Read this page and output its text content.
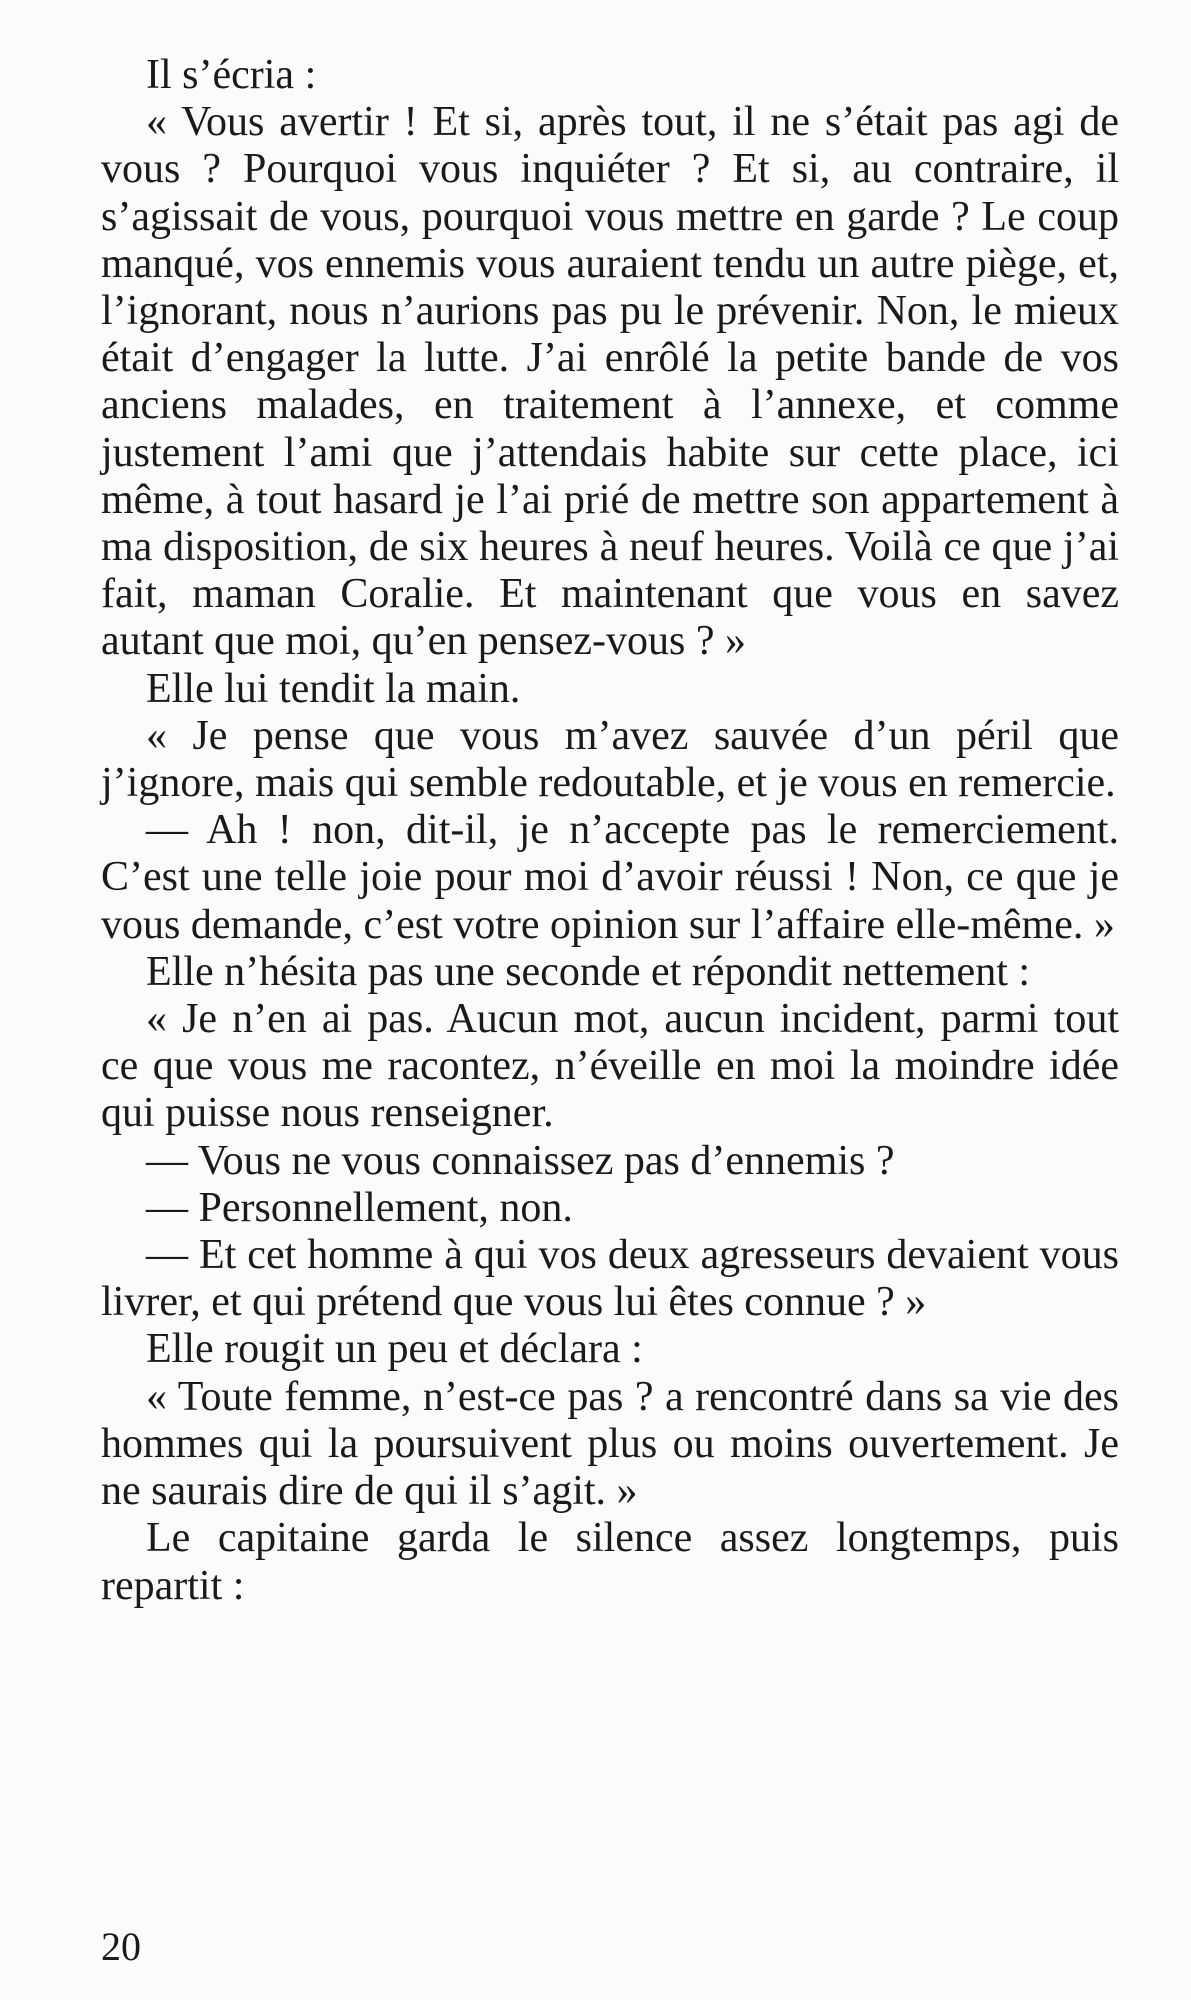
Il s’écria :

« Vous avertir ! Et si, après tout, il ne s’était pas agi de vous ? Pourquoi vous inquiéter ? Et si, au contraire, il s’agissait de vous, pourquoi vous mettre en garde ? Le coup manqué, vos ennemis vous auraient tendu un autre piège, et, l’ignorant, nous n’aurions pas pu le prévenir. Non, le mieux était d’engager la lutte. J’ai enrôlé la petite bande de vos anciens malades, en traitement à l’annexe, et comme justement l’ami que j’attendais habite sur cette place, ici même, à tout hasard je l’ai prié de mettre son appartement à ma disposition, de six heures à neuf heures. Voilà ce que j’ai fait, maman Coralie. Et maintenant que vous en savez autant que moi, qu’en pensez-vous ? »

Elle lui tendit la main.

« Je pense que vous m’avez sauvée d’un péril que j’ignore, mais qui semble redoutable, et je vous en remercie.

— Ah ! non, dit-il, je n’accepte pas le remerciement. C’est une telle joie pour moi d’avoir réussi ! Non, ce que je vous demande, c’est votre opinion sur l’affaire elle-même. »

Elle n’hésita pas une seconde et répondit nettement :

« Je n’en ai pas. Aucun mot, aucun incident, parmi tout ce que vous me racontez, n’éveille en moi la moindre idée qui puisse nous renseigner.

— Vous ne vous connaissez pas d’ennemis ?

— Personnellement, non.

— Et cet homme à qui vos deux agresseurs devaient vous livrer, et qui prétend que vous lui êtes connue ? »

Elle rougit un peu et déclara :

« Toute femme, n’est-ce pas ? a rencontré dans sa vie des hommes qui la poursuivent plus ou moins ouvertement. Je ne saurais dire de qui il s’agit. »

Le capitaine garda le silence assez longtemps, puis repartit :

20
